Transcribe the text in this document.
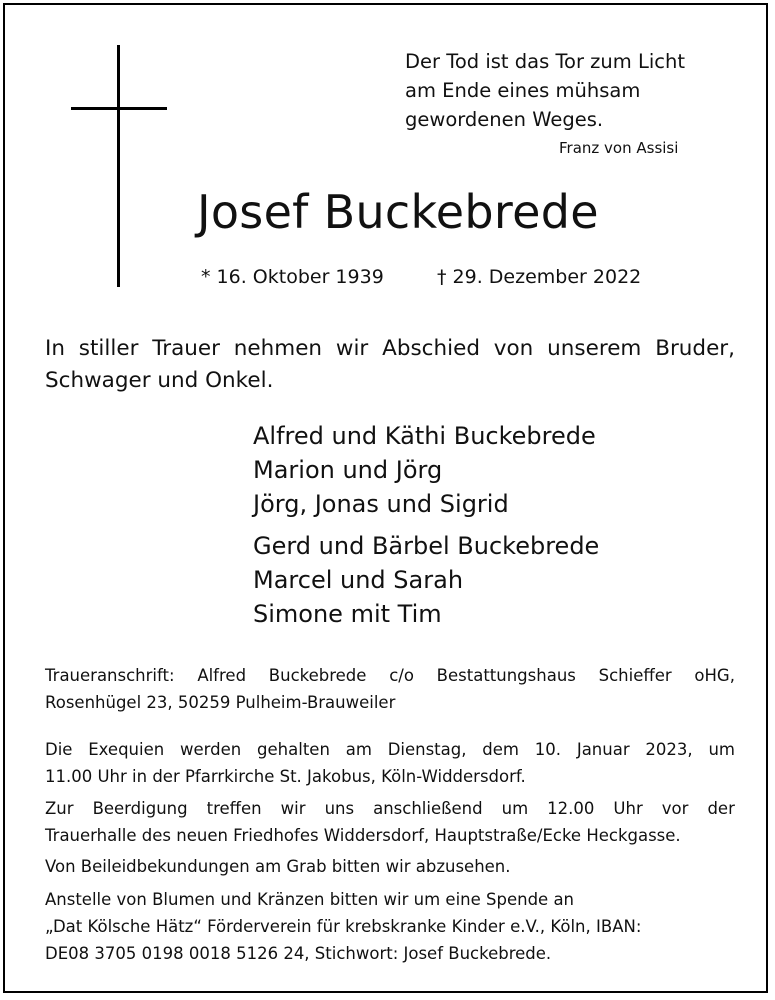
Der Tod ist das Tor zum Licht
am Ende eines mühsam
gewordenen Weges.
Franz von Assisi
Josef Buckebrede
* 16. Oktober 1939	† 29. Dezember 2022
In stiller Trauer nehmen wir Abschied von unserem Bruder,
Schwager und Onkel.
Alfred und Käthi Buckebrede
Marion und Jörg
Jörg, Jonas und Sigrid
Gerd und Bärbel Buckebrede
Marcel und Sarah
Simone mit Tim
Traueranschrift: Alfred Buckebrede c/o Bestattungshaus Schieffer oHG,
Rosenhügel 23, 50259 Pulheim-Brauweiler
Die Exequien werden gehalten am Dienstag, dem 10. Januar 2023, um
11.00 Uhr in der Pfarrkirche St. Jakobus, Köln-Widdersdorf.
Zur Beerdigung treffen wir uns anschließend um 12.00 Uhr vor der
Trauerhalle des neuen Friedhofes Widdersdorf, Hauptstraße/Ecke Heckgasse.
Von Beileidbekundungen am Grab bitten wir abzusehen.
Anstelle von Blumen und Kränzen bitten wir um eine Spende an
„Dat Kölsche Hätz“ Förderverein für krebskranke Kinder e.V., Köln, IBAN:
DE08 3705 0198 0018 5126 24, Stichwort: Josef Buckebrede.
